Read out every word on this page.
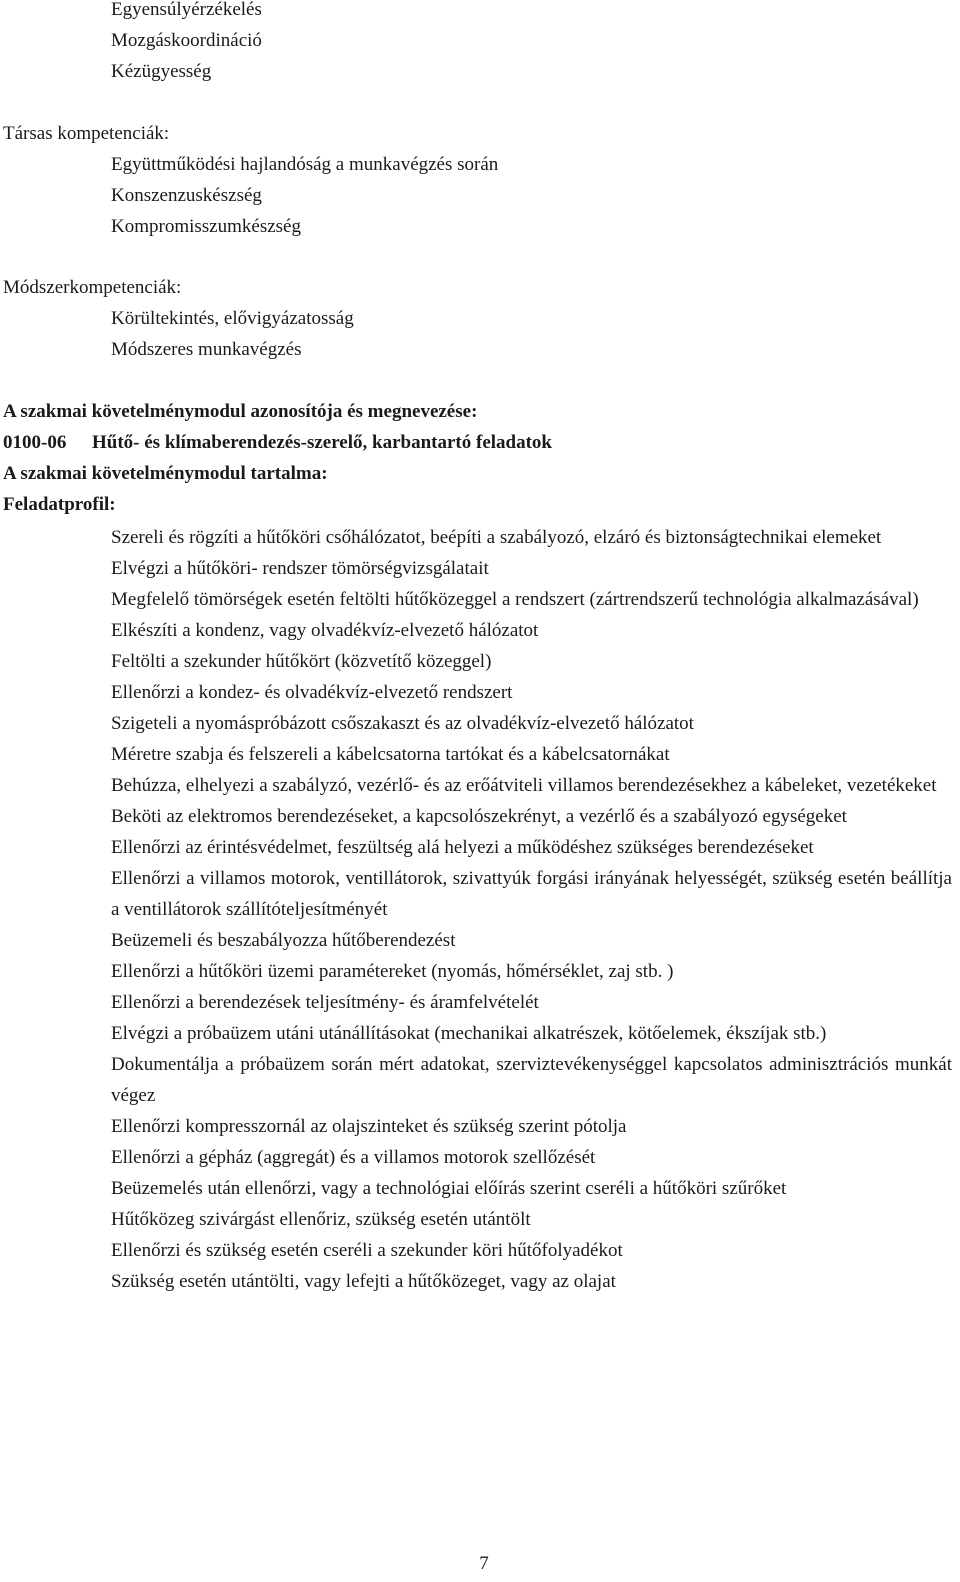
Egyensúlyérzékelés
Mozgáskoordináció
Kézügyesség
Társas kompetenciák:
Együttműködési hajlandóság a munkavégzés során
Konszenzuskészség
Kompromisszumkészség
Módszerkompetenciák:
Körültekintés, elővigyázatosság
Módszeres munkavégzés
A szakmai követelménymodul azonosítója és megnevezése:
0100-06 Hűtő- és klímaberendezés-szerelő, karbantartó feladatok
A szakmai követelménymodul tartalma:
Feladatprofil:
Szereli és rögzíti a hűtőköri csőhálózatot, beépíti a szabályozó, elzáró és biztonságtechnikai elemeket
Elvégzi a hűtőköri- rendszer tömörségvizsgálatait
Megfelelő tömörségek esetén feltölti hűtőközeggel a rendszert (zártrendszerű technológia alkalmazásával)
Elkészíti a kondenz, vagy olvadékvíz-elvezető hálózatot
Feltölti a szekunder hűtőkört (közvetítő közeggel)
Ellenőrzi a kondez- és olvadékvíz-elvezető rendszert
Szigeteli a nyomáspróbázott csőszakaszt és az olvadékvíz-elvezető hálózatot
Méretre szabja és felszereli a kábelcsatorna tartókat és a kábelcsatornákat
Behúzza, elhelyezi a szabályzó, vezérlő- és az erőátviteli villamos berendezésekhez a kábeleket, vezetékeket
Beköti az elektromos berendezéseket, a kapcsolószekrényt, a vezérlő és a szabályozó egységeket
Ellenőrzi az érintésvédelmet, feszültség alá helyezi a működéshez szükséges berendezéseket
Ellenőrzi a villamos motorok, ventillátorok, szivattyúk forgási irányának helyességét, szükség esetén beállítja a ventillátorok szállítóteljesítményét
Beüzemeli és beszabályozza hűtőberendezést
Ellenőrzi a hűtőköri üzemi paramétereket (nyomás, hőmérséklet, zaj stb. )
Ellenőrzi a berendezések teljesítmény- és áramfelvételét
Elvégzi a próbaüzem utáni utánállításokat (mechanikai alkatrészek, kötőelemek, ékszíjak stb.)
Dokumentálja a próbaüzem során mért adatokat, szerviztevékenységgel kapcsolatos adminisztrációs munkát végez
Ellenőrzi kompresszornál az olajszinteket és szükség szerint pótolja
Ellenőrzi a gépház (aggregát) és a villamos motorok szellőzését
Beüzemelés után ellenőrzi, vagy a technológiai előírás szerint cseréli a hűtőköri szűrőket
Hűtőközeg szivárgást ellenőriz, szükség esetén utántölt
Ellenőrzi és szükség esetén cseréli a szekunder köri hűtőfolyadékot
Szükség esetén utántölti, vagy lefejti a hűtőközeget, vagy az olajat
7
